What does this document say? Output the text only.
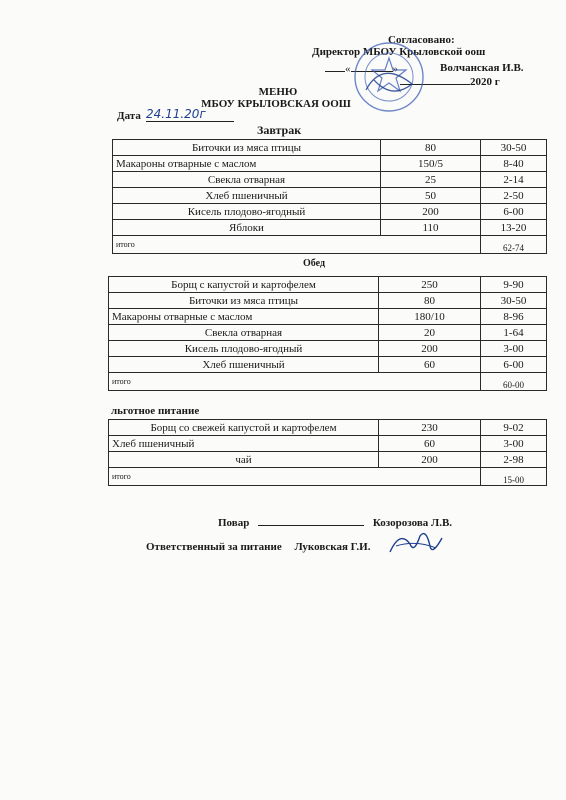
Согласовано:
Директор МБОУ Крыловской оош
«	»	Волчанская И.В.
2020 г
МЕНЮ
МБОУ КРЫЛОВСКАЯ ООШ
Дата 24.11.20г
Завтрак
Биточки из мяса птицы	80	30-50
Макароны отварные с маслом	150/5	8-40
Свекла отварная	25	2-14
Хлеб пшеничный	50	2-50
Кисель плодово-ягодный	200	6-00
Яблоки	110	13-20
итого		62-74
Обед
Борщ с капустой и картофелем	250	9-90
Биточки из мяса птицы	80	30-50
Макароны отварные с маслом	180/10	8-96
Свекла отварная	20	1-64
Кисель плодово-ягодный	200	3-00
Хлеб пшеничный	60	6-00
итого		60-00
льготное питание
Борщ со свежей капустой и картофелем	230	9-02
Хлеб пшеничный	60	3-00
чай	200	2-98
итого		15-00
Повар	Козорозова Л.В.
Ответственный за питание Луковская Г.И.
